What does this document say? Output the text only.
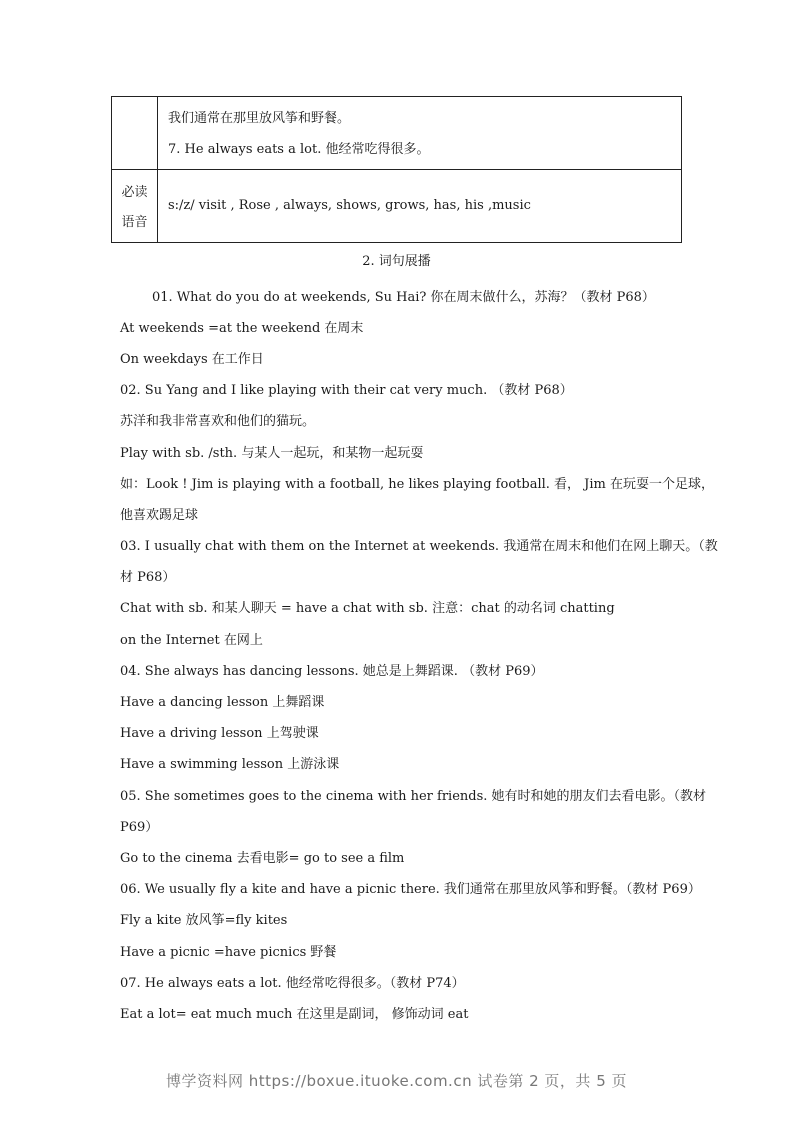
	我们通常在那里放风筝和野餐。
7. He always eats a lot. 他经常吃得很多。

必读
语音	s:/z/ visit , Rose , always, shows, grows, has, his ,music
2. 词句展播
01. What do you do at weekends, Su Hai? 你在周末做什么，苏海？（教材 P68）
At weekends =at the weekend 在周末
On weekdays 在工作日
02. Su Yang and I like playing with their cat very much. （教材 P68）
苏洋和我非常喜欢和他们的猫玩。
Play with sb. /sth. 与某人一起玩，和某物一起玩耍
如：Look ! Jim is playing with a football, he likes playing football. 看， Jim 在玩耍一个足球，
他喜欢踢足球
03. I usually chat with them on the Internet at weekends. 我通常在周末和他们在网上聊天。（教
材 P68）
Chat with sb. 和某人聊天 = have a chat with sb. 注意：chat 的动名词 chatting
on the Internet 在网上
04. She always has dancing lessons. 她总是上舞蹈课. （教材 P69）
Have a dancing lesson 上舞蹈课
Have a driving lesson 上驾驶课
Have a swimming lesson 上游泳课
05. She sometimes goes to the cinema with her friends. 她有时和她的朋友们去看电影。（教材
P69）
Go to the cinema 去看电影= go to see a film
06. We usually fly a kite and have a picnic there. 我们通常在那里放风筝和野餐。（教材 P69）
Fly a kite 放风筝=fly kites
Have a picnic =have picnics 野餐
07. He always eats a lot. 他经常吃得很多。（教材 P74）
Eat a lot= eat much much 在这里是副词， 修饰动词 eat
博学资料网 https://boxue.ituoke.com.cn 试卷第 2 页，共 5 页
